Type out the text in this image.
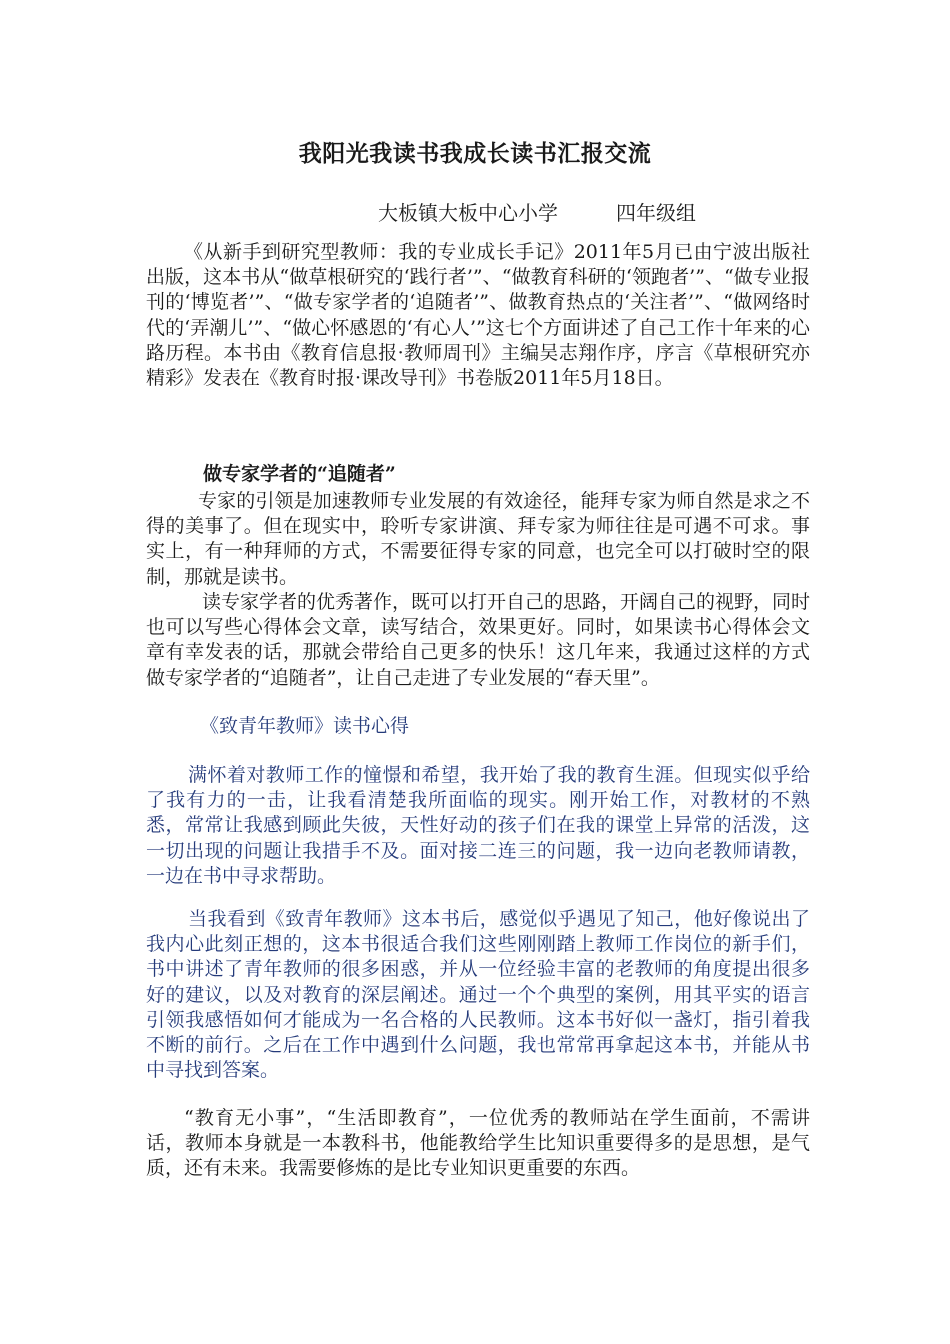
我阳光我读书我成长读书汇报交流

大板镇大板中心小学	四年级组

《从新手到研究型教师：我的专业成长手记》2011年5月已由宁波出版社出版，这本书从“做草根研究的‘践行者’”、“做教育科研的‘领跑者’”、“做专业报刊的‘博览者’”、“做专家学者的‘追随者’”、做教育热点的‘关注者’”、“做网络时代的‘弄潮儿’”、“做心怀感恩的‘有心人’”这七个方面讲述了自己工作十年来的心路历程。本书由《教育信息报·教师周刊》主编吴志翔作序，序言《草根研究亦精彩》发表在《教育时报·课改导刊》书卷版2011年5月18日。

做专家学者的“追随者”

专家的引领是加速教师专业发展的有效途径，能拜专家为师自然是求之不得的美事了。但在现实中，聆听专家讲演、拜专家为师往往是可遇不可求。事实上，有一种拜师的方式，不需要征得专家的同意，也完全可以打破时空的限制，那就是读书。

读专家学者的优秀著作，既可以打开自己的思路，开阔自己的视野，同时也可以写些心得体会文章，读写结合，效果更好。同时，如果读书心得体会文章有幸发表的话，那就会带给自己更多的快乐！这几年来，我通过这样的方式做专家学者的“追随者”，让自己走进了专业发展的“春天里”。

《致青年教师》读书心得

满怀着对教师工作的憧憬和希望，我开始了我的教育生涯。但现实似乎给了我有力的一击，让我看清楚我所面临的现实。刚开始工作，对教材的不熟悉，常常让我感到顾此失彼，天性好动的孩子们在我的课堂上异常的活泼，这一切出现的问题让我措手不及。面对接二连三的问题，我一边向老教师请教，一边在书中寻求帮助。

当我看到《致青年教师》这本书后，感觉似乎遇见了知己，他好像说出了我内心此刻正想的，这本书很适合我们这些刚刚踏上教师工作岗位的新手们，书中讲述了青年教师的很多困惑，并从一位经验丰富的老教师的角度提出很多好的建议，以及对教育的深层阐述。通过一个个典型的案例，用其平实的语言引领我感悟如何才能成为一名合格的人民教师。这本书好似一盏灯，指引着我不断的前行。之后在工作中遇到什么问题，我也常常再拿起这本书，并能从书中寻找到答案。

“教育无小事”，“生活即教育”，一位优秀的教师站在学生面前，不需讲话，教师本身就是一本教科书，他能教给学生比知识重要得多的是思想，是气质，还有未来。我需要修炼的是比专业知识更重要的东西。
